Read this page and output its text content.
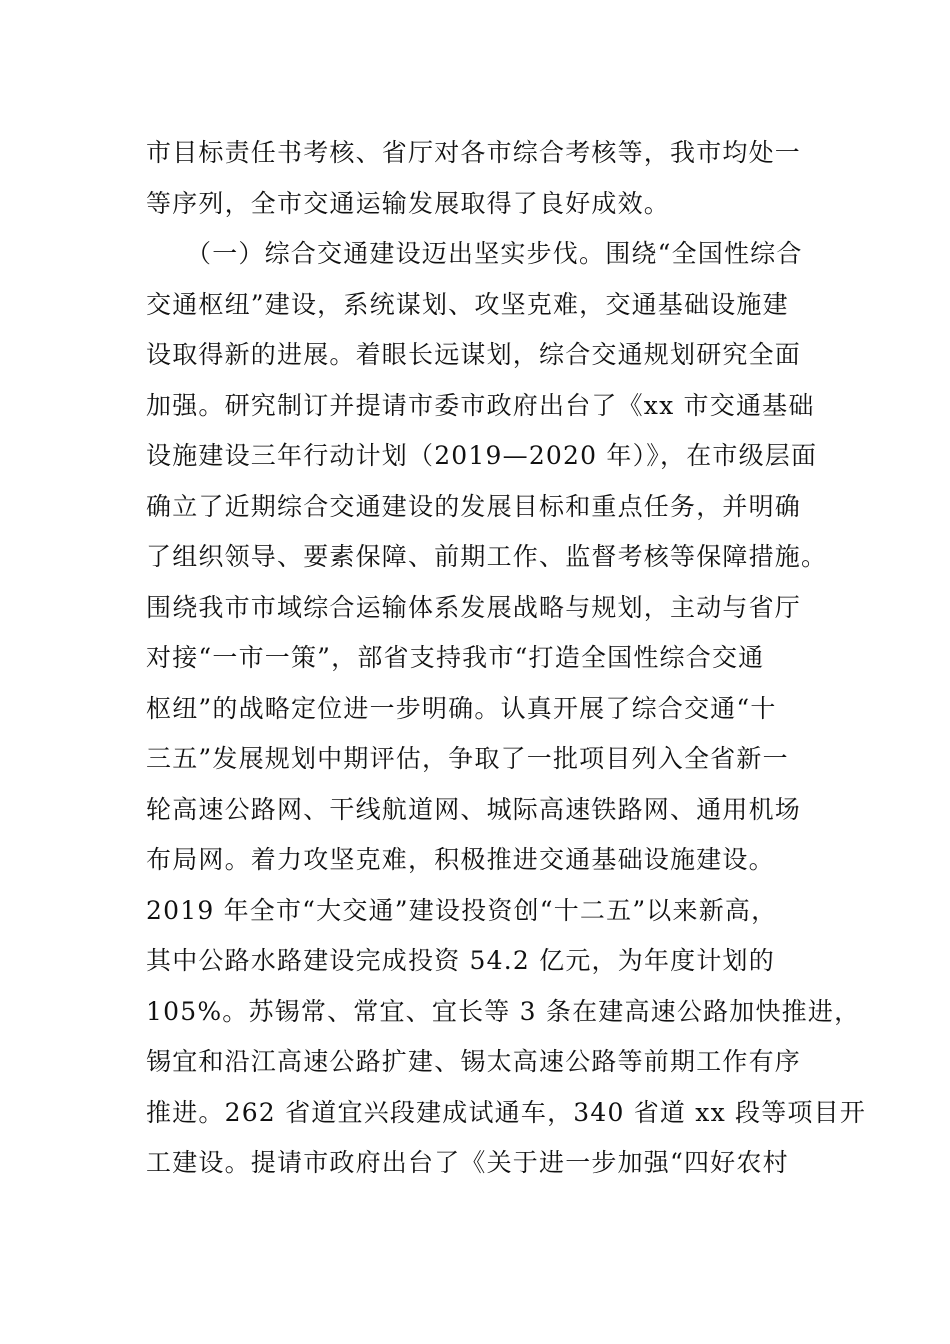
市目标责任书考核、省厅对各市综合考核等，我市均处一
等序列，全市交通运输发展取得了良好成效。
（一）综合交通建设迈出坚实步伐。围绕“全国性综合
交通枢纽”建设，系统谋划、攻坚克难，交通基础设施建
设取得新的进展。着眼长远谋划，综合交通规划研究全面
加强。研究制订并提请市委市政府出台了《xx 市交通基础
设施建设三年行动计划（2019—2020 年）》，在市级层面
确立了近期综合交通建设的发展目标和重点任务，并明确
了组织领导、要素保障、前期工作、监督考核等保障措施。
围绕我市市域综合运输体系发展战略与规划，主动与省厅
对接“一市一策”，部省支持我市“打造全国性综合交通
枢纽”的战略定位进一步明确。认真开展了综合交通“十
三五”发展规划中期评估，争取了一批项目列入全省新一
轮高速公路网、干线航道网、城际高速铁路网、通用机场
布局网。着力攻坚克难，积极推进交通基础设施建设。
2019 年全市“大交通”建设投资创“十二五”以来新高，
其中公路水路建设完成投资 54.2 亿元，为年度计划的
105%。苏锡常、常宜、宜长等 3 条在建高速公路加快推进，
锡宜和沿江高速公路扩建、锡太高速公路等前期工作有序
推进。262 省道宜兴段建成试通车，340 省道 xx 段等项目开
工建设。提请市政府出台了《关于进一步加强“四好农村
